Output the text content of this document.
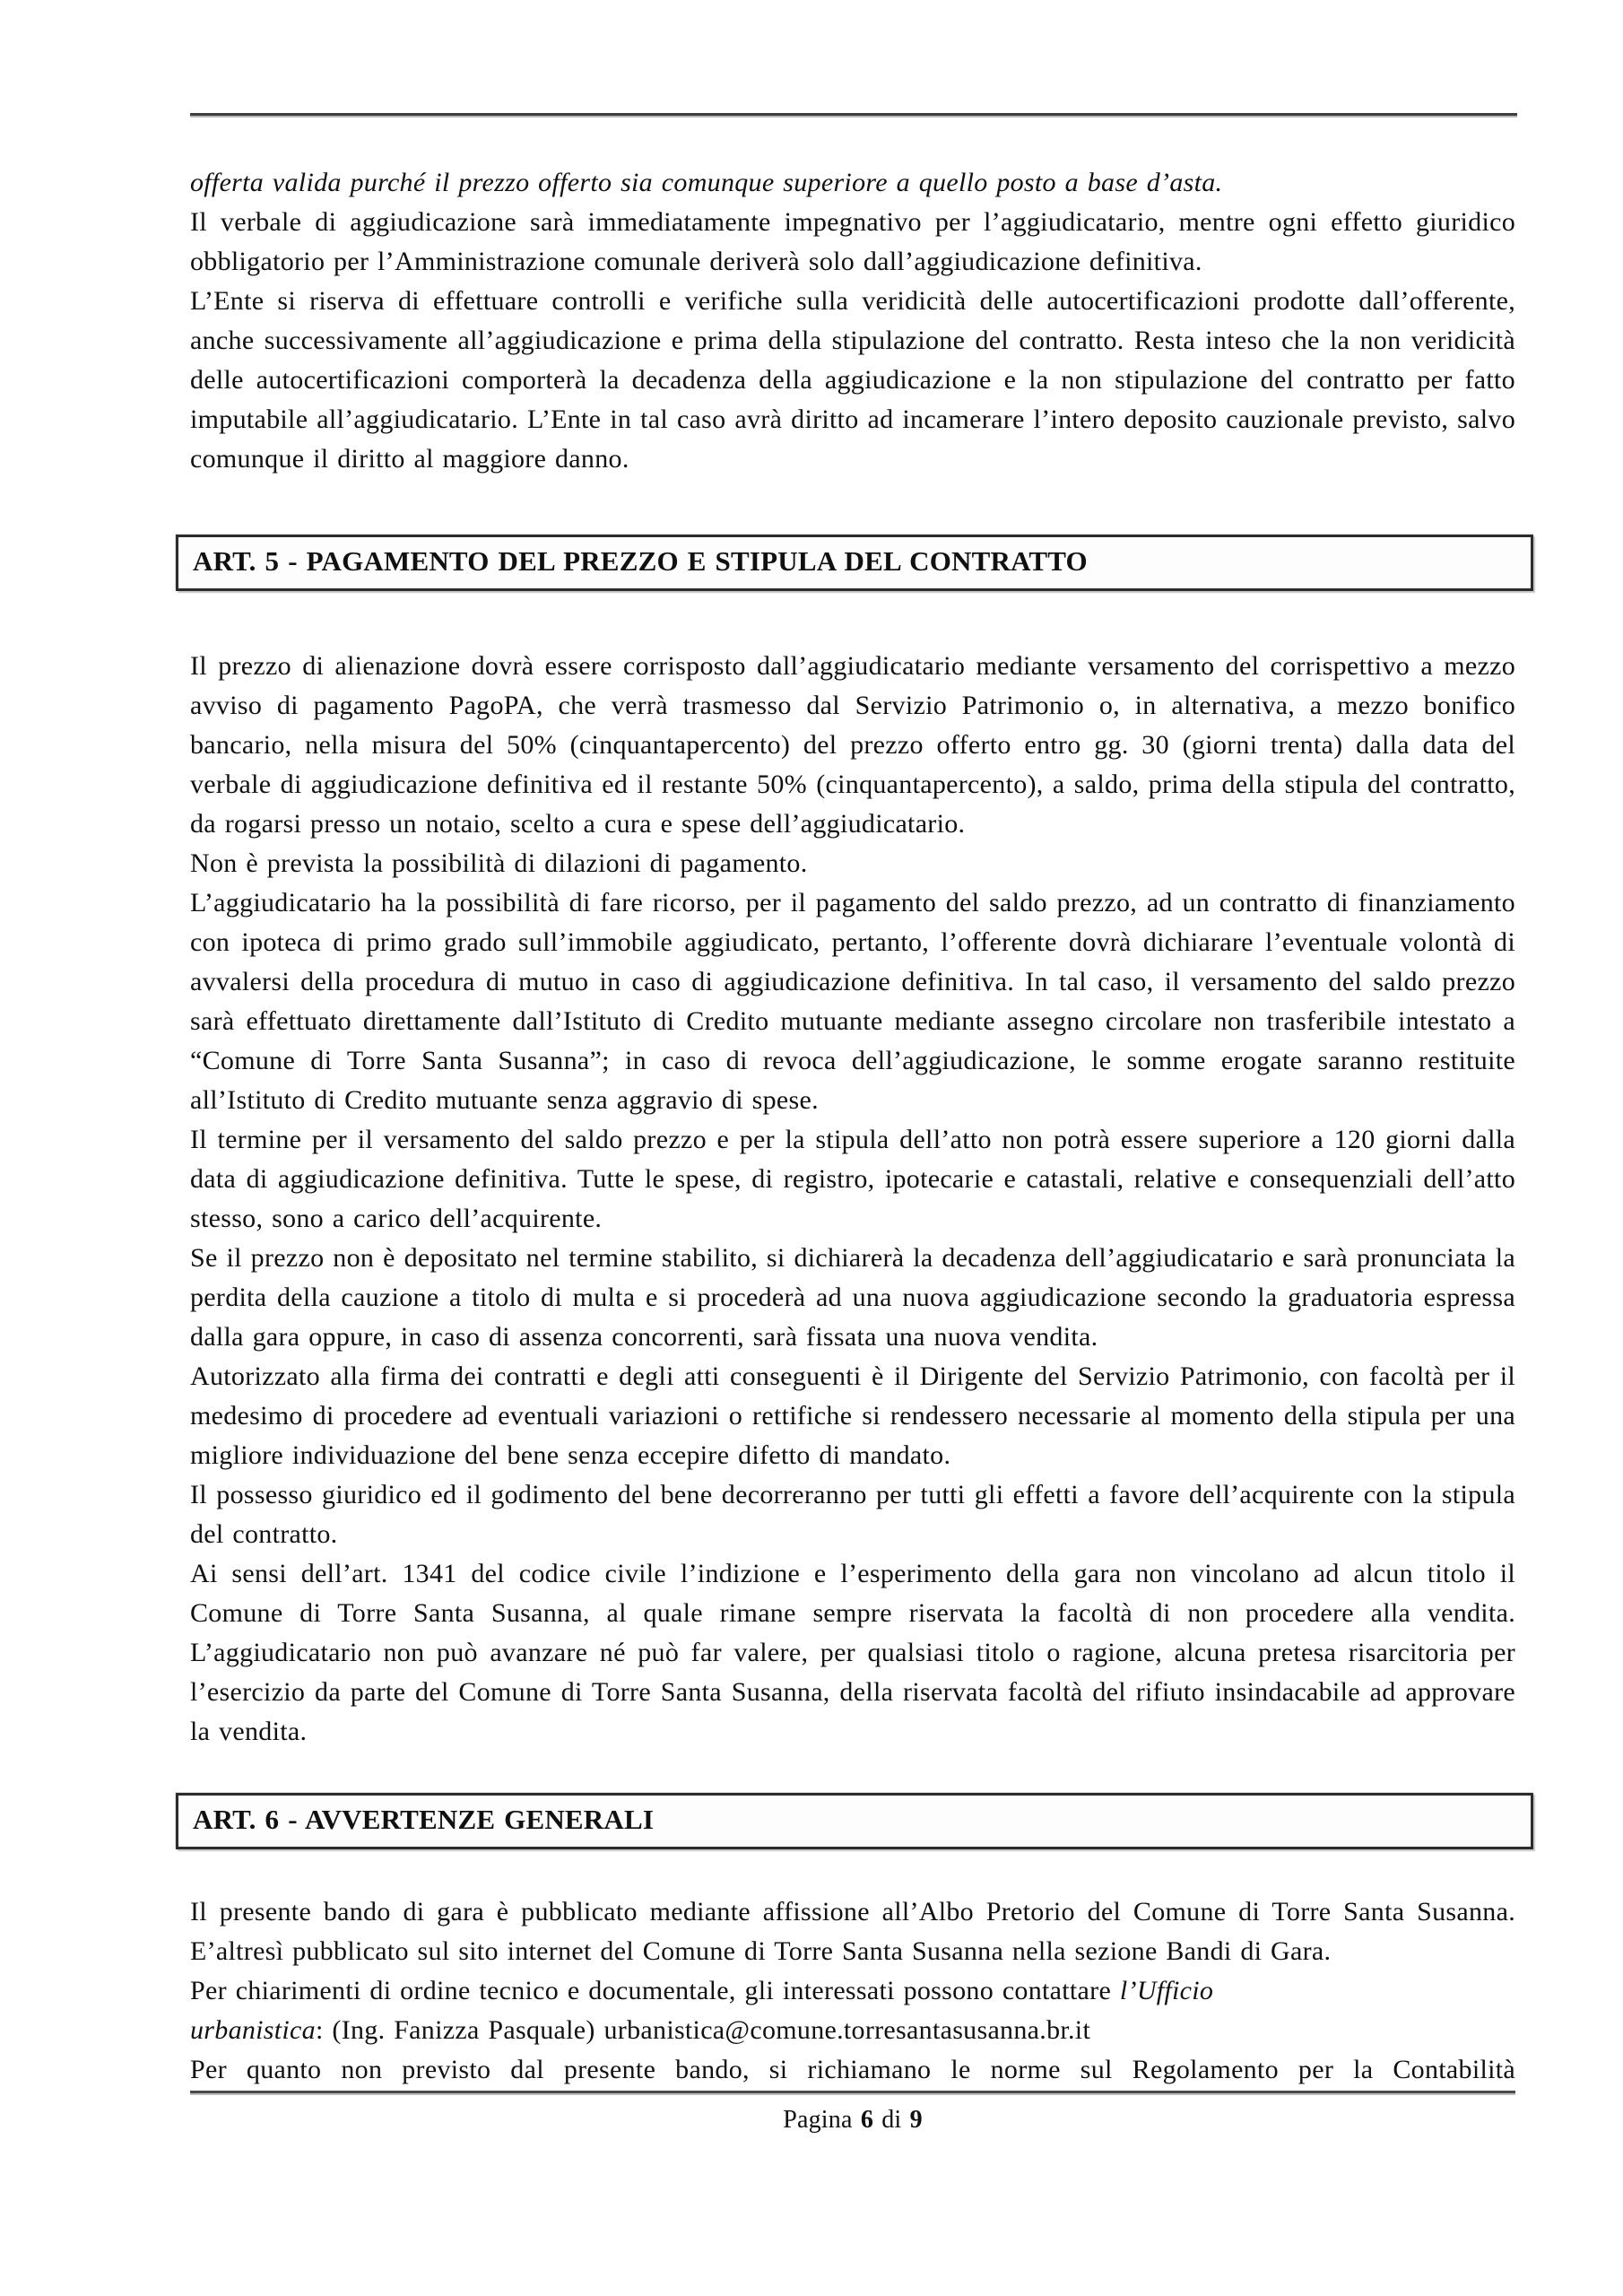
offerta valida purché il prezzo offerto sia comunque superiore a quello posto a base d’asta.

Il verbale di aggiudicazione sarà immediatamente impegnativo per l’aggiudicatario, mentre ogni effetto giuridico obbligatorio per l’Amministrazione comunale deriverà solo dall’aggiudicazione definitiva.

L’Ente si riserva di effettuare controlli e verifiche sulla veridicità delle autocertificazioni prodotte dall’offerente, anche successivamente all’aggiudicazione e prima della stipulazione del contratto. Resta inteso che la non veridicità delle autocertificazioni comporterà la decadenza della aggiudicazione e la non stipulazione del contratto per fatto imputabile all’aggiudicatario. L’Ente in tal caso avrà diritto ad incamerare l’intero deposito cauzionale previsto, salvo comunque il diritto al maggiore danno.

ART. 5 - PAGAMENTO DEL PREZZO E STIPULA DEL CONTRATTO

Il prezzo di alienazione dovrà essere corrisposto dall’aggiudicatario mediante versamento del corrispettivo a mezzo avviso di pagamento PagoPA, che verrà trasmesso dal Servizio Patrimonio o, in alternativa, a mezzo bonifico bancario, nella misura del 50% (cinquantapercento) del prezzo offerto entro gg. 30 (giorni trenta) dalla data del verbale di aggiudicazione definitiva ed il restante 50% (cinquantapercento), a saldo, prima della stipula del contratto, da rogarsi presso un notaio, scelto a cura e spese dell’aggiudicatario.

Non è prevista la possibilità di dilazioni di pagamento.

L’aggiudicatario ha la possibilità di fare ricorso, per il pagamento del saldo prezzo, ad un contratto di finanziamento con ipoteca di primo grado sull’immobile aggiudicato, pertanto, l’offerente dovrà dichiarare l’eventuale volontà di avvalersi della procedura di mutuo in caso di aggiudicazione definitiva. In tal caso, il versamento del saldo prezzo sarà effettuato direttamente dall’Istituto di Credito mutuante mediante assegno circolare non trasferibile intestato a “Comune di Torre Santa Susanna”; in caso di revoca dell’aggiudicazione, le somme erogate saranno restituite all’Istituto di Credito mutuante senza aggravio di spese.

Il termine per il versamento del saldo prezzo e per la stipula dell’atto non potrà essere superiore a 120 giorni dalla data di aggiudicazione definitiva. Tutte le spese, di registro, ipotecarie e catastali, relative e consequenziali dell’atto stesso, sono a carico dell’acquirente.

Se il prezzo non è depositato nel termine stabilito, si dichiarerà la decadenza dell’aggiudicatario e sarà pronunciata la perdita della cauzione a titolo di multa e si procederà ad una nuova aggiudicazione secondo la graduatoria espressa dalla gara oppure, in caso di assenza concorrenti, sarà fissata una nuova vendita.

Autorizzato alla firma dei contratti e degli atti conseguenti è il Dirigente del Servizio Patrimonio, con facoltà per il medesimo di procedere ad eventuali variazioni o rettifiche si rendessero necessarie al momento della stipula per una migliore individuazione del bene senza eccepire difetto di mandato.

Il possesso giuridico ed il godimento del bene decorreranno per tutti gli effetti a favore dell’acquirente con la stipula del contratto.

Ai sensi dell’art. 1341 del codice civile l’indizione e l’esperimento della gara non vincolano ad alcun titolo il Comune di Torre Santa Susanna, al quale rimane sempre riservata la facoltà di non procedere alla vendita. L’aggiudicatario non può avanzare né può far valere, per qualsiasi titolo o ragione, alcuna pretesa risarcitoria per l’esercizio da parte del Comune di Torre Santa Susanna, della riservata facoltà del rifiuto insindacabile ad approvare la vendita.

ART. 6 - AVVERTENZE GENERALI

Il presente bando di gara è pubblicato mediante affissione all’Albo Pretorio del Comune di Torre Santa Susanna. E’altresì pubblicato sul sito internet del Comune di Torre Santa Susanna nella sezione Bandi di Gara.

Per chiarimenti di ordine tecnico e documentale, gli interessati possono contattare l’Ufficio
urbanistica: (Ing. Fanizza Pasquale) urbanistica@comune.torresantasusanna.br.it

Per quanto non previsto dal presente bando, si richiamano le norme sul Regolamento per la Contabilità

Pagina 6 di 9
